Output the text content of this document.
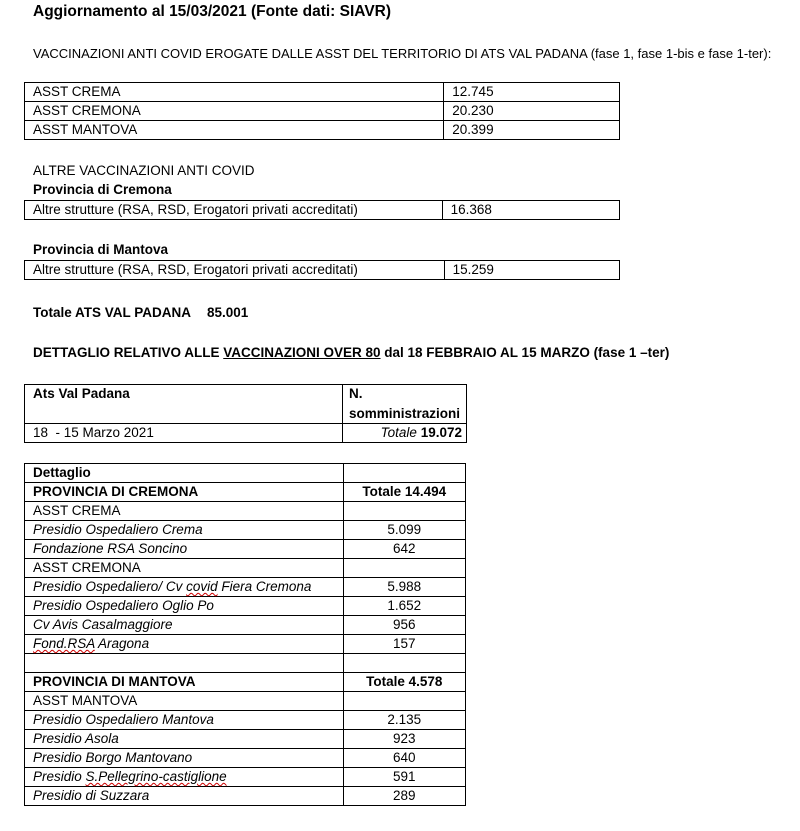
Aggiornamento al 15/03/2021 (Fonte dati: SIAVR)
VACCINAZIONI ANTI COVID EROGATE DALLE ASST DEL TERRITORIO DI ATS VAL PADANA (fase 1, fase 1-bis e fase 1-ter):
ASST CREMA	12.745
ASST CREMONA	20.230
ASST MANTOVA	20.399
ALTRE VACCINAZIONI ANTI COVID
Provincia di Cremona
Altre strutture (RSA, RSD, Erogatori privati accreditati)	16.368
Provincia di Mantova
Altre strutture (RSA, RSD, Erogatori privati accreditati)	15.259
Totale ATS VAL PADANA 85.001
DETTAGLIO RELATIVO ALLE VACCINAZIONI OVER 80 dal 18 FEBBRAIO AL 15 MARZO (fase 1 –ter)
Ats Val Padana	N.
somministrazioni

18  - 15 Marzo 2021	Totale 19.072
Dettaglio	
PROVINCIA DI CREMONA	Totale 14.494
ASST CREMA	
Presidio Ospedaliero Crema	5.099
Fondazione RSA Soncino	642
ASST CREMONA	
Presidio Ospedaliero/ Cv covid Fiera Cremona	5.988
Presidio Ospedaliero Oglio Po	1.652
Cv Avis Casalmaggiore	956
Fond.RSA Aragona	157

PROVINCIA DI MANTOVA	Totale 4.578
ASST MANTOVA	
Presidio Ospedaliero Mantova	2.135
Presidio Asola	923
Presidio Borgo Mantovano	640
Presidio S.Pellegrino-castiglione	591
Presidio di Suzzara	289
